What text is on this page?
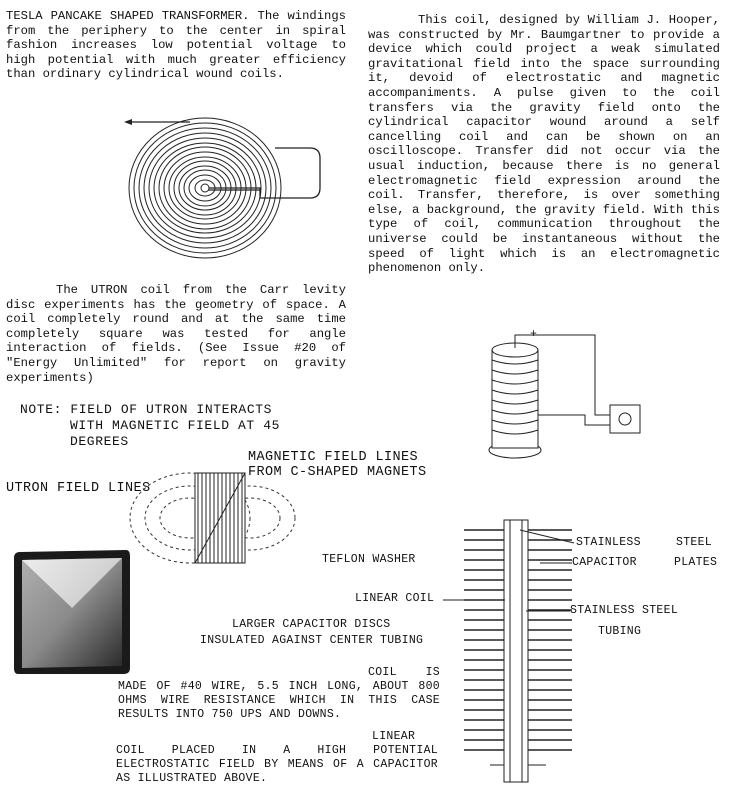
TESLA PANCAKE SHAPED TRANSFORMER. The windings from the periphery to the center in spiral fashion increases low potential voltage to high potential with much greater efficiency than ordinary cylindrical wound coils.
The UTRON coil from the Carr levity disc experiments has the geometry of space. A coil completely round and at the same time completely square was tested for angle interaction of fields. (See Issue #20 of "Energy Unlimited" for report on gravity experiments)
NOTE: FIELD OF UTRON INTERACTS
WITH MAGNETIC FIELD AT 45
DEGREES
MAGNETIC FIELD LINES
FROM C-SHAPED MAGNETS
UTRON FIELD LINES
This coil, designed by William J. Hooper, was constructed by Mr. Baumgartner to provide a device which could project a weak simulated gravitational field into the space surrounding it, devoid of electrostatic and magnetic accompaniments. A pulse given to the coil transfers via the gravity field onto the cylindrical capacitor wound around a self cancelling coil and can be shown on an oscilloscope. Transfer did not occur via the usual induction, because there is no general electromagnetic field expression around the coil. Transfer, therefore, is over something else, a background, the gravity field. With this type of coil, communication throughout the universe could be instantaneous without the speed of light which is an electromagnetic phenomenon only.
+
TEFLON WASHER
LINEAR COIL
LARGER CAPACITOR DISCS
INSULATED AGAINST CENTER TUBING
STAINLESS	STEEL
CAPACITOR	PLATES
STAINLESS STEEL
TUBING
COIL IS MADE OF #40 WIRE, 5.5 INCH LONG, ABOUT 800 OHMS WIRE RESISTANCE WHICH IN THIS CASE RESULTS INTO 750 UPS AND DOWNS.
LINEAR COIL PLACED IN A HIGH POTENTIAL ELECTROSTATIC FIELD BY MEANS OF A CAPACITOR AS ILLUSTRATED ABOVE.
